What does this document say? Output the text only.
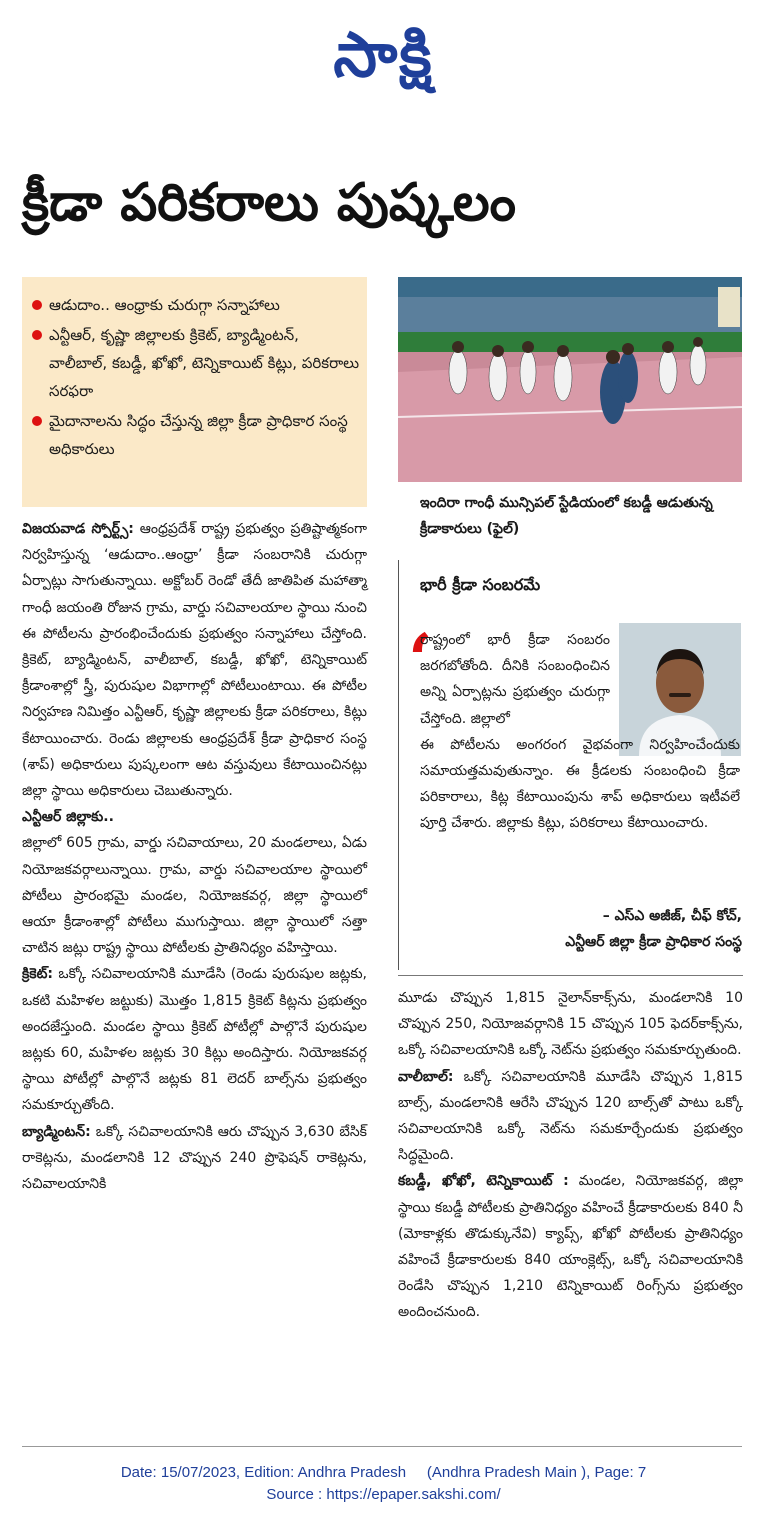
సాక్షి
క్రీడా పరికరాలు పుష్కలం
ఆడుదాం.. ఆంధ్రాకు చురుగ్గా సన్నాహాలు
ఎన్టీఆర్, కృష్ణా జిల్లాలకు క్రికెట్, బ్యాడ్మింటన్, వాలీబాల్, కబడ్డీ, ఖోఖో, టెన్నికాయిట్ కిట్లు, పరికరాలు సరఫరా
మైదానాలను సిద్ధం చేస్తున్న జిల్లా క్రీడా ప్రాధికార సంస్థ అధికారులు
ఇందిరా గాంధీ మున్సిపల్ స్టేడియంలో కబడ్డీ ఆడుతున్న క్రీడాకారులు (ఫైల్)

విజయవాడ స్పోర్ట్స్: ఆంధ్రప్రదేశ్ రాష్ట్ర ప్రభుత్వం ప్రతిష్టాత్మకంగా నిర్వహిస్తున్న ‘ఆడుదాం..ఆంధ్రా’ క్రీడా సంబరానికి చురుగ్గా ఏర్పాట్లు సాగుతున్నాయి. అక్టోబర్ రెండో తేదీ జాతిపిత మహాత్మా గాంధీ జయంతి రోజున గ్రామ, వార్డు సచివాలయాల స్థాయి నుంచి ఈ పోటీలను ప్రారంభించేందుకు ప్రభుత్వం సన్నాహాలు చేస్తోంది. క్రికెట్, బ్యాడ్మింటన్, వాలీబాల్, కబడ్డీ, ఖోఖో, టెన్నికాయిట్ క్రీడాంశాల్లో స్త్రీ, పురుషుల విభాగాల్లో పోటీలుంటాయి. ఈ పోటీల నిర్వహణ నిమిత్తం ఎన్టీఆర్, కృష్ణా జిల్లాలకు క్రీడా పరికరాలు, కిట్లు కేటాయించారు. రెండు జిల్లాలకు ఆంధ్రప్రదేశ్ క్రీడా ప్రాధికార సంస్థ (శాప్) అధికారులు పుష్కలంగా ఆట వస్తువులు కేటాయించినట్లు జిల్లా స్థాయి అధికారులు చెబుతున్నారు.

ఎన్టీఆర్ జిల్లాకు..

జిల్లాలో 605 గ్రామ, వార్డు సచివాయాలు, 20 మండలాలు, ఏడు నియోజకవర్గాలున్నాయి. గ్రామ, వార్డు సచివాలయాల స్థాయిలో పోటీలు ప్రారంభమై మండల, నియోజకవర్గ, జిల్లా స్థాయిలో ఆయా క్రీడాంశాల్లో పోటీలు ముగుస్తాయి. జిల్లా స్థాయిలో సత్తా చాటిన జట్లు రాష్ట్ర స్థాయి పోటీలకు ప్రాతినిధ్యం వహిస్తాయి.

క్రికెట్: ఒక్కో సచివాలయానికి మూడేసి (రెండు పురుషుల జట్లకు, ఒకటి మహిళల జట్టుకు) మొత్తం 1,815 క్రికెట్ కిట్లను ప్రభుత్వం అందజేస్తుంది. మండల స్థాయి క్రికెట్ పోటీల్లో పాల్గొనే పురుషుల జట్లకు 60, మహిళల జట్లకు 30 కిట్లు అందిస్తారు. నియోజకవర్గ స్థాయి పోటీల్లో పాల్గొనే జట్లకు 81 లెదర్ బాల్స్‌ను ప్రభుత్వం సమకూర్చుతోంది.

బ్యాడ్మింటన్: ఒక్కో సచివాలయానికి ఆరు చొప్పున 3,630 బేసిక్ రాకెట్లను, మండలానికి 12 చొప్పున 240 ప్రొఫెషన్ రాకెట్లను, సచివాలయానికి

భారీ క్రీడా సంబరమే
‘
రాష్ట్రంలో భారీ క్రీడా సంబరం జరగబోతోంది. దీనికి సంబంధించిన అన్ని ఏర్పాట్లను ప్రభుత్వం చురుగ్గా చేస్తోంది. జిల్లాలో
ఈ పోటీలను అంగరంగ వైభవంగా నిర్వహించేందుకు సమాయత్తమవుతున్నాం. ఈ క్రీడలకు సంబంధించి క్రీడా పరికారాలు, కిట్ల కేటాయింపును శాప్ అధికారులు ఇటీవలే పూర్తి చేశారు. జిల్లాకు కిట్లు, పరికరాలు కేటాయించారు.
– ఎస్ఎ అజీజ్, చీఫ్ కోచ్,
ఎన్టీఆర్ జిల్లా క్రీడా ప్రాధికార సంస్థ

మూడు చొప్పున 1,815 నైలాన్‌కాక్స్‌ను, మండలానికి 10 చొప్పున 250, నియోజవర్గానికి 15 చొప్పున 105 ఫెదర్‌కాక్స్‌ను, ఒక్కో సచివాలయానికి ఒక్కో నెట్‌ను ప్రభుత్వం సమకూర్చుతుంది.

వాలీబాల్: ఒక్కో సచివాలయానికి మూడేసి చొప్పున 1,815 బాల్స్, మండలానికి ఆరేసి చొప్పున 120 బాల్స్‌తో పాటు ఒక్కో సచివాలయానికి ఒక్కో నెట్‌ను సమకూర్చేందుకు ప్రభుత్వం సిద్ధమైంది.

కబడ్డీ, ఖోఖో, టెన్నికాయిట్ : మండల, నియోజకవర్గ, జిల్లా స్థాయి కబడ్డీ పోటీలకు ప్రాతినిధ్యం వహించే క్రీడాకారులకు 840 నీ (మోకాళ్లకు తొడుక్కునేవి) క్యాప్స్, ఖోఖో పోటీలకు ప్రాతినిధ్యం వహించే క్రీడాకారులకు 840 యాంక్లెట్స్, ఒక్కో సచివాలయానికి రెండేసి చొప్పున 1,210 టెన్నికాయిట్ రింగ్స్‌ను ప్రభుత్వం అందించనుంది.

Date: 15/07/2023, Edition: Andhra Pradesh     (Andhra Pradesh Main ), Page: 7
Source : https://epaper.sakshi.com/
